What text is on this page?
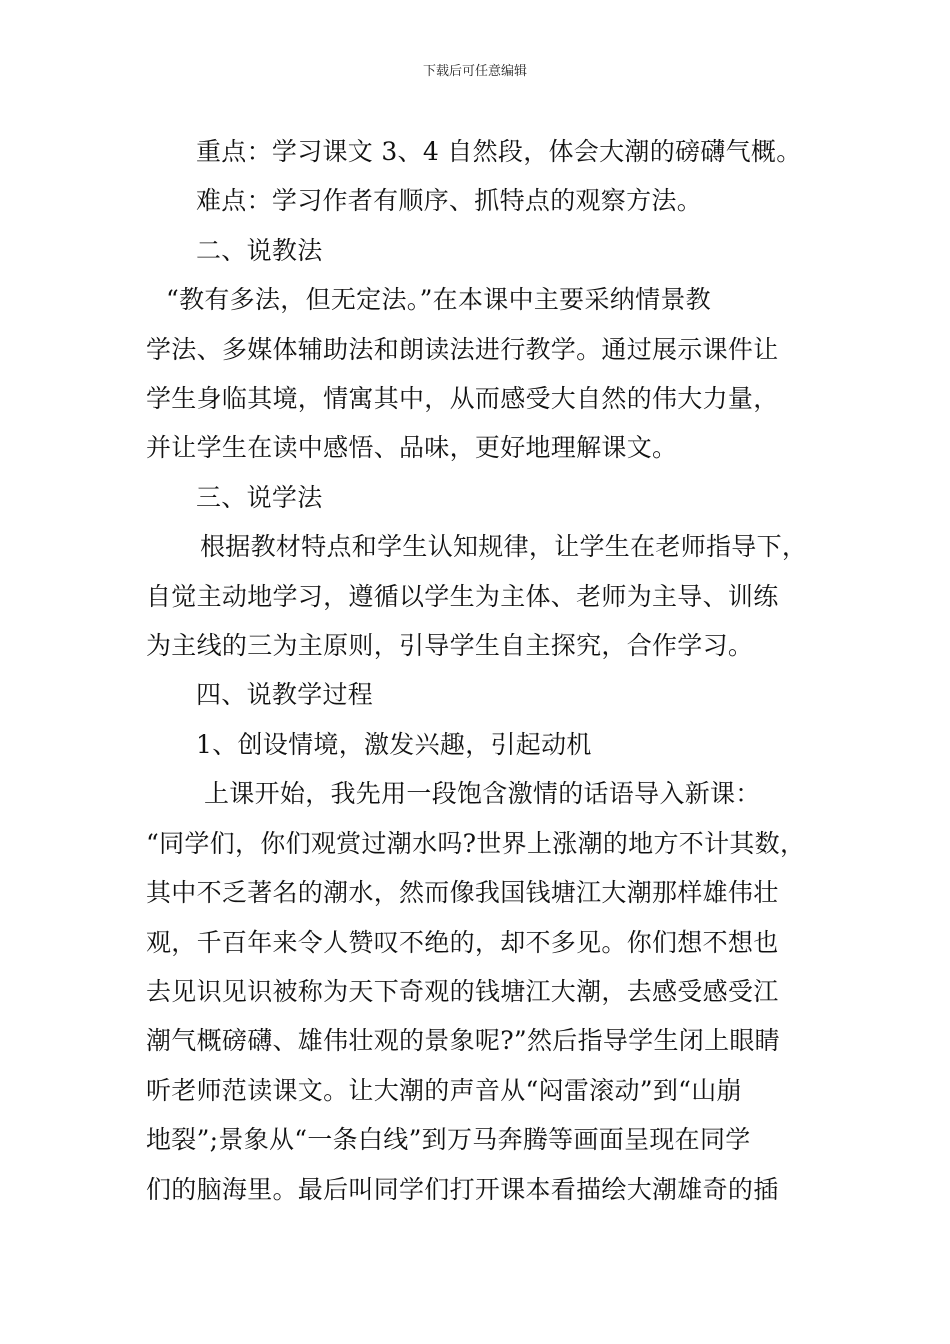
下载后可任意编辑
重点：学习课文 3、4 自然段，体会大潮的磅礴气概。
难点：学习作者有顺序、抓特点的观察方法。
二、说教法
“教有多法，但无定法。”在本课中主要采纳情景教
学法、多媒体辅助法和朗读法进行教学。通过展示课件让
学生身临其境，情寓其中，从而感受大自然的伟大力量，
并让学生在读中感悟、品味，更好地理解课文。
三、说学法
根据教材特点和学生认知规律，让学生在老师指导下，
自觉主动地学习，遵循以学生为主体、老师为主导、训练
为主线的三为主原则，引导学生自主探究，合作学习。
四、说教学过程
1、创设情境，激发兴趣，引起动机
上课开始，我先用一段饱含激情的话语导入新课：
“同学们，你们观赏过潮水吗?世界上涨潮的地方不计其数，
其中不乏著名的潮水，然而像我国钱塘江大潮那样雄伟壮
观，千百年来令人赞叹不绝的，却不多见。你们想不想也
去见识见识被称为天下奇观的钱塘江大潮，去感受感受江
潮气概磅礴、雄伟壮观的景象呢?”然后指导学生闭上眼睛
听老师范读课文。让大潮的声音从“闷雷滚动”到“山崩
地裂”;景象从“一条白线”到万马奔腾等画面呈现在同学
们的脑海里。最后叫同学们打开课本看描绘大潮雄奇的插
